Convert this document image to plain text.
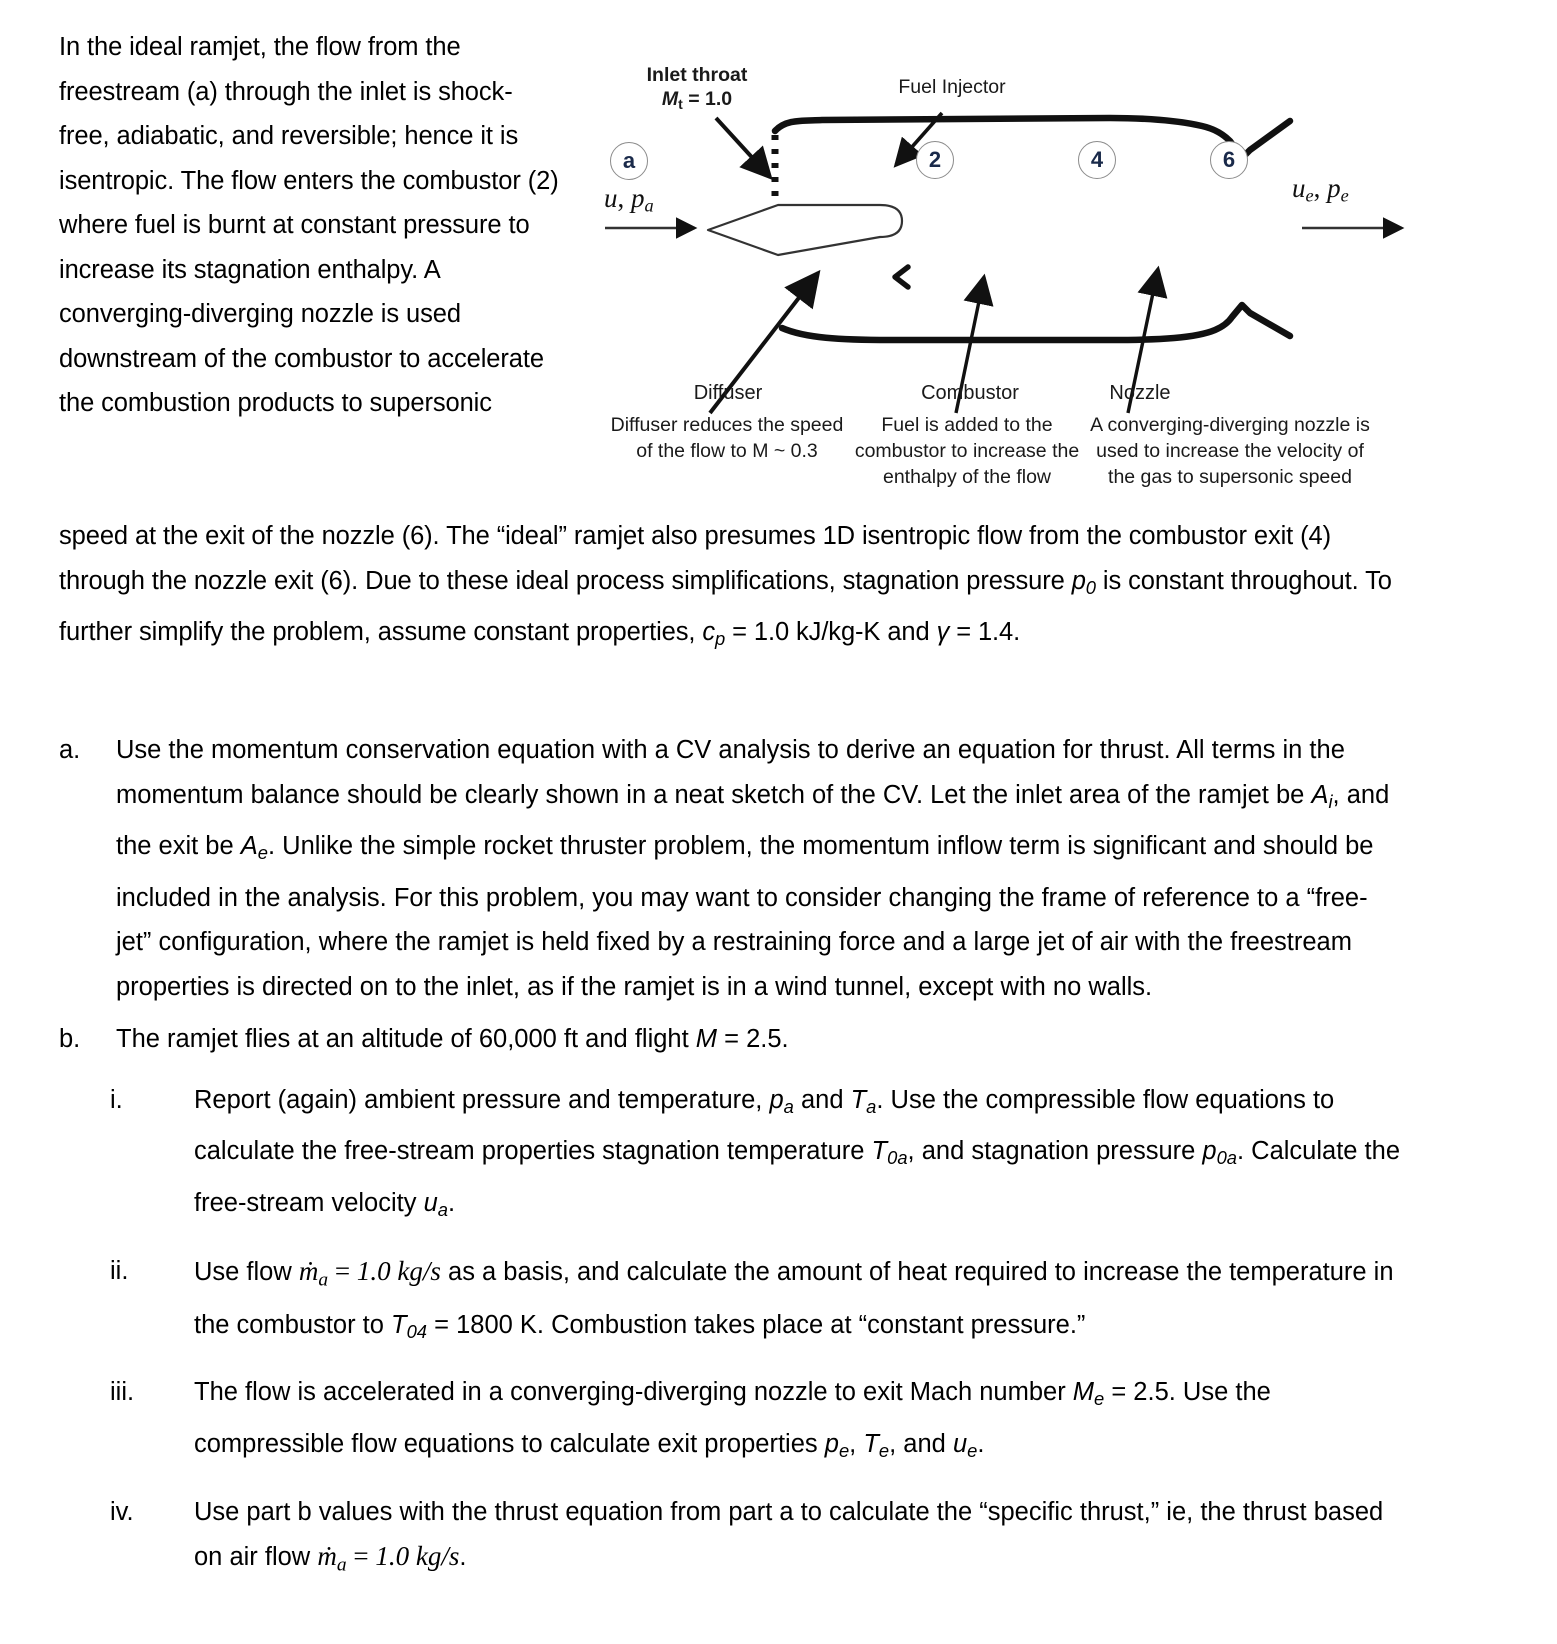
In the ideal ramjet, the flow from the freestream (a) through the inlet is shock-free, adiabatic, and reversible; hence it is isentropic. The flow enters the combustor (2) where fuel is burnt at constant pressure to increase its stagnation enthalpy. A converging-diverging nozzle is used downstream of the combustor to accelerate the combustion products to supersonic
speed at the exit of the nozzle (6). The “ideal” ramjet also presumes 1D isentropic flow from the combustor exit (4) through the nozzle exit (6). Due to these ideal process simplifications, stagnation pressure $p_0$ is constant throughout. To further simplify the problem, assume constant properties, $c_p = 1.0$ kJ/kg-K and γ = 1.4.
Inlet throat
$M_t = 1.0$
Fuel Injector
a	2	4	6
u, pa
ue, pe
Diffuser	Combustor	Nozzle
Diffuser reduces the speed of the flow to M ~ 0.3
Fuel is added to the combustor to increase the enthalpy of the flow
A converging-diverging nozzle is used to increase the velocity of the gas to supersonic speed
a.	Use the momentum conservation equation with a CV analysis to derive an equation for thrust. All terms in the momentum balance should be clearly shown in a neat sketch of the CV. Let the inlet area of the ramjet be $A_i$, and the exit be $A_e$. Unlike the simple rocket thruster problem, the momentum inflow term is significant and should be included in the analysis. For this problem, you may want to consider changing the frame of reference to a “free-jet” configuration, where the ramjet is held fixed by a restraining force and a large jet of air with the freestream properties is directed on to the inlet, as if the ramjet is in a wind tunnel, except with no walls.
b.	The ramjet flies at an altitude of 60,000 ft and flight M = 2.5.
i.	Report (again) ambient pressure and temperature, $p_a$ and $T_a$. Use the compressible flow equations to calculate the free-stream properties stagnation temperature $T_{0a}$, and stagnation pressure $p_{0a}$. Calculate the free-stream velocity $u_a$.
ii.	Use flow ṁ$_a$ = 1.0 kg/s as a basis, and calculate the amount of heat required to increase the temperature in the combustor to $T_{04} = 1800$ K. Combustion takes place at “constant pressure.”
iii.	The flow is accelerated in a converging-diverging nozzle to exit Mach number $M_e = 2.5$. Use the compressible flow equations to calculate exit properties $p_e$, $T_e$, and $u_e$.
iv.	Use part b values with the thrust equation from part a to calculate the “specific thrust,” ie, the thrust based on air flow ṁ$_a$ = 1.0 kg/s.
